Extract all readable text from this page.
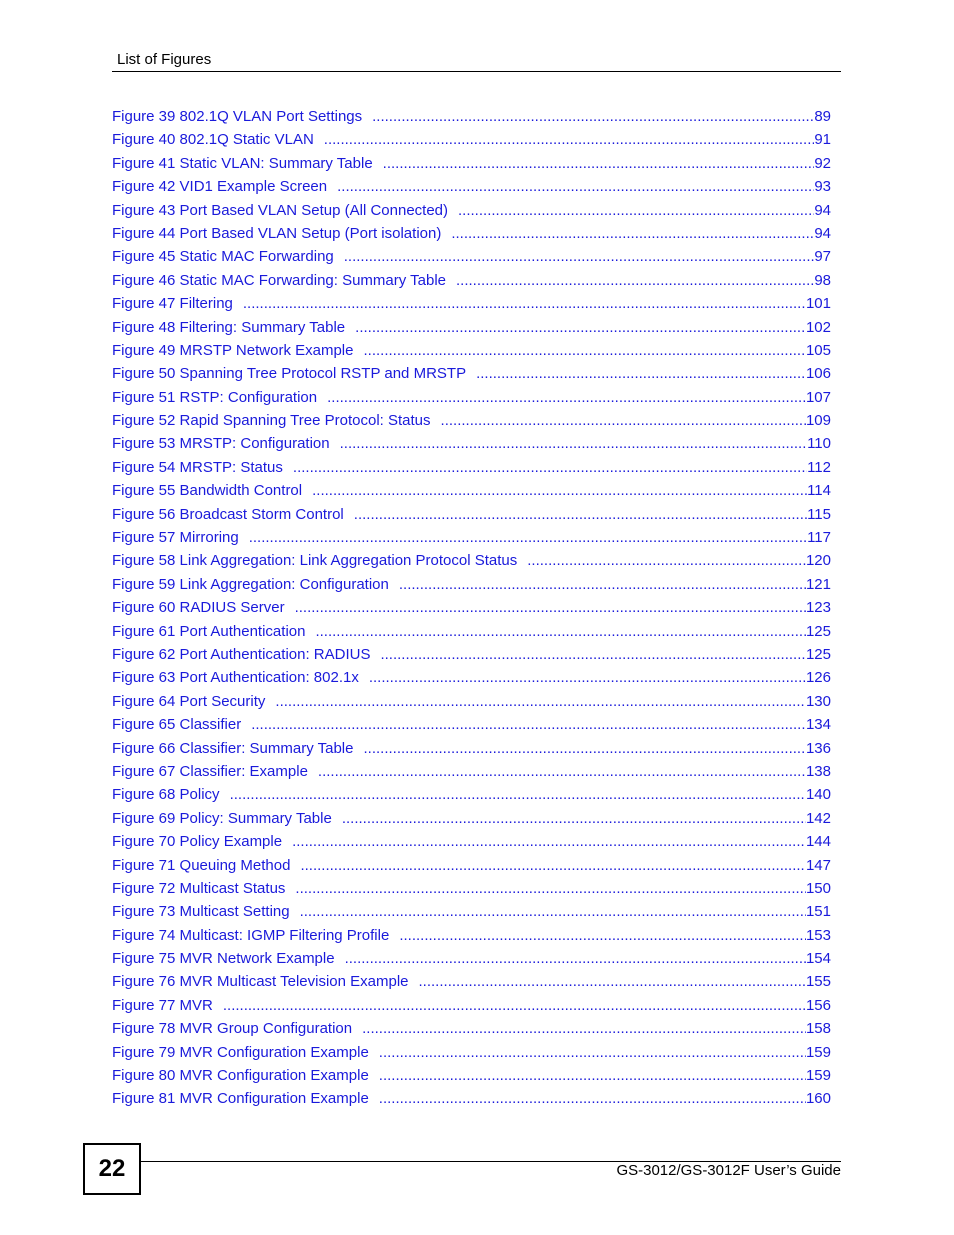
List of Figures
Figure 39 802.1Q VLAN Port Settings .....	89
Figure 40 802.1Q Static VLAN .....	91
Figure 41 Static VLAN: Summary Table .....	92
Figure 42 VID1 Example Screen .....	93
Figure 43 Port Based VLAN Setup (All Connected) .....	94
Figure 44 Port Based VLAN Setup (Port isolation) .....	94
Figure 45 Static MAC Forwarding .....	97
Figure 46 Static MAC Forwarding: Summary Table .....	98
Figure 47 Filtering .....	101
Figure 48 Filtering: Summary Table .....	102
Figure 49 MRSTP Network Example .....	105
Figure 50 Spanning Tree Protocol RSTP and MRSTP .....	106
Figure 51 RSTP: Configuration .....	107
Figure 52 Rapid Spanning Tree Protocol: Status .....	109
Figure 53 MRSTP: Configuration .....	110
Figure 54 MRSTP: Status .....	112
Figure 55 Bandwidth Control .....	114
Figure 56 Broadcast Storm Control .....	115
Figure 57 Mirroring .....	117
Figure 58 Link Aggregation: Link Aggregation Protocol Status .....	120
Figure 59 Link Aggregation: Configuration .....	121
Figure 60 RADIUS Server .....	123
Figure 61 Port Authentication .....	125
Figure 62 Port Authentication: RADIUS .....	125
Figure 63 Port Authentication: 802.1x .....	126
Figure 64 Port Security .....	130
Figure 65 Classifier .....	134
Figure 66 Classifier: Summary Table .....	136
Figure 67 Classifier: Example .....	138
Figure 68 Policy .....	140
Figure 69 Policy: Summary Table .....	142
Figure 70 Policy Example .....	144
Figure 71 Queuing Method .....	147
Figure 72 Multicast Status .....	150
Figure 73 Multicast Setting .....	151
Figure 74 Multicast: IGMP Filtering Profile .....	153
Figure 75 MVR Network Example .....	154
Figure 76 MVR Multicast Television Example .....	155
Figure 77 MVR .....	156
Figure 78 MVR Group Configuration .....	158
Figure 79 MVR Configuration Example .....	159
Figure 80 MVR Configuration Example .....	159
Figure 81 MVR Configuration Example .....	160
22	GS-3012/GS-3012F User’s Guide
